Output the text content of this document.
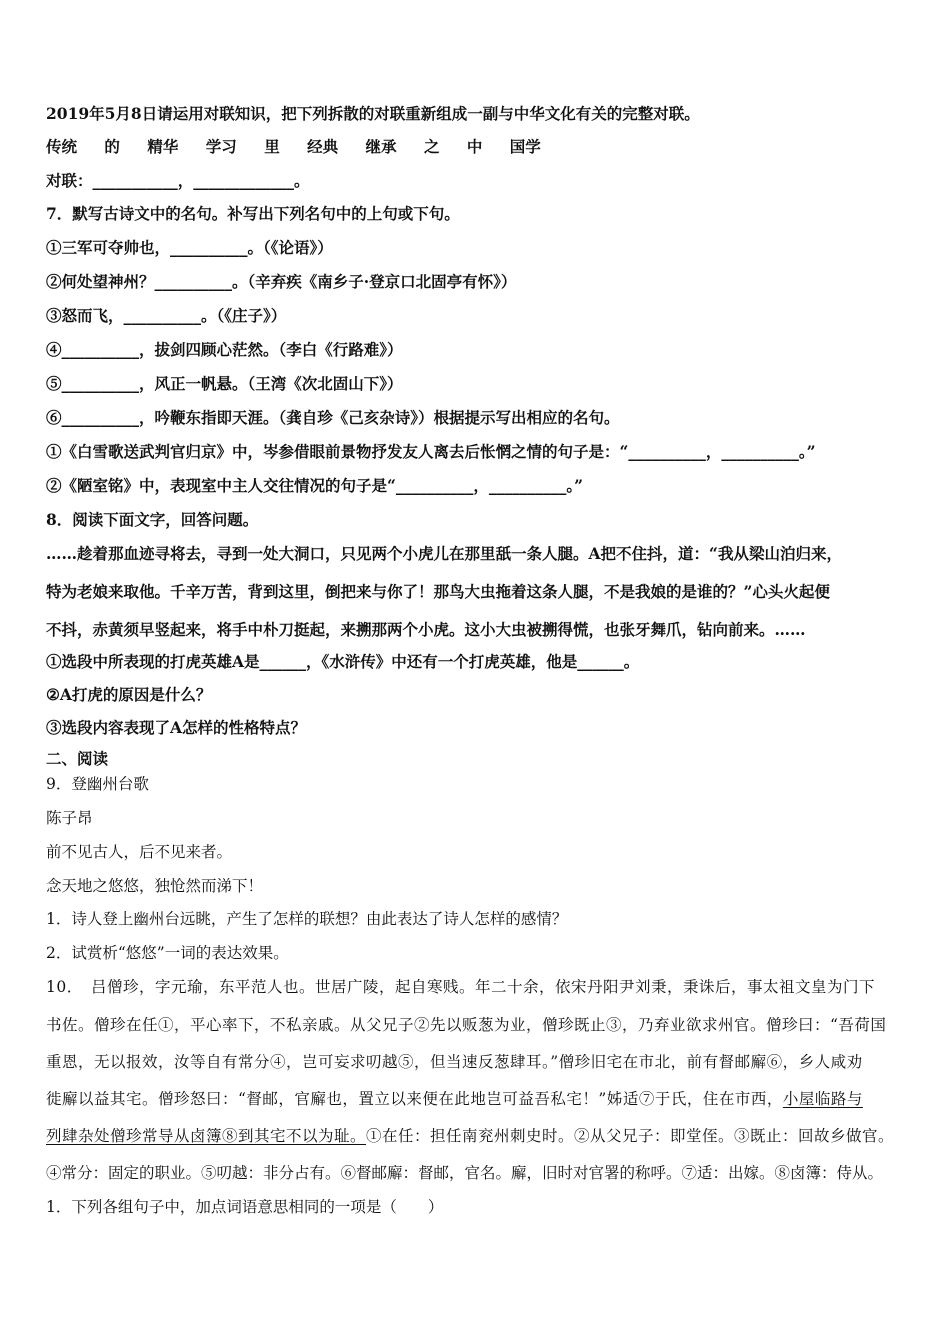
2019年5月8日请运用对联知识，把下列拆散的对联重新组成一副与中华文化有关的完整对联。
传统 的 精华 学习 里 经典 继承 之 中 国学
对联：___________，_____________。
7．默写古诗文中的名句。补写出下列名句中的上句或下句。
①三军可夺帅也，__________。（《论语》）
②何处望神州？__________。（辛弃疾《南乡子·登京口北固亭有怀》）
③怒而飞，__________。（《庄子》）
④__________，拔剑四顾心茫然。（李白《行路难》）
⑤__________，风正一帆悬。（王湾《次北固山下》）
⑥__________，吟鞭东指即天涯。（龚自珍《己亥杂诗》）根据提示写出相应的名句。
①《白雪歌送武判官归京》中，岑参借眼前景物抒发友人离去后怅惘之情的句子是：“__________，__________。”
②《陋室铭》中，表现室中主人交往情况的句子是“__________，__________。”
8．阅读下面文字，回答问题。
……趁着那血迹寻将去，寻到一处大洞口，只见两个小虎儿在那里舐一条人腿。A把不住抖，道：“我从梁山泊归来，
特为老娘来取他。千辛万苦，背到这里，倒把来与你了！那鸟大虫拖着这条人腿，不是我娘的是谁的？”心头火起便
不抖，赤黄须早竖起来，将手中朴刀挺起，来搠那两个小虎。这小大虫被搠得慌，也张牙舞爪，钻向前来。……
①选段中所表现的打虎英雄A是______，《水浒传》中还有一个打虎英雄，他是______。
②A打虎的原因是什么？
③选段内容表现了A怎样的性格特点？
二、阅读
9．登幽州台歌
陈子昂
前不见古人，后不见来者。
念天地之悠悠，独怆然而涕下！
1．诗人登上幽州台远眺，产生了怎样的联想？由此表达了诗人怎样的感情？
2．试赏析“悠悠”一词的表达效果。
10．　吕僧珍，字元瑜，东平范人也。世居广陵，起自寒贱。年二十余，依宋丹阳尹刘秉，秉诛后，事太祖文皇为门下
书佐。僧珍在任①，平心率下，不私亲戚。从父兄子②先以贩葱为业，僧珍既止③，乃弃业欲求州官。僧珍曰：“吾荷国
重恩，无以报效，汝等自有常分④，岂可妄求叨越⑤，但当速反葱肆耳。”僧珍旧宅在市北，前有督邮廨⑥，乡人咸劝
徙廨以益其宅。僧珍怒曰：“督邮，官廨也，置立以来便在此地岂可益吾私宅！”姊适⑦于氏，住在市西，小屋临路与
列肆杂处僧珍常导从卤簿⑧到其宅不以为耻。①在任：担任南兖州刺史时。②从父兄子：即堂侄。③既止：回故乡做官。
④常分：固定的职业。⑤叨越：非分占有。⑥督邮廨：督邮，官名。廨，旧时对官署的称呼。⑦适：出嫁。⑧卤簿：侍从。
1．下列各组句子中，加点词语意思相同的一项是（　　）
